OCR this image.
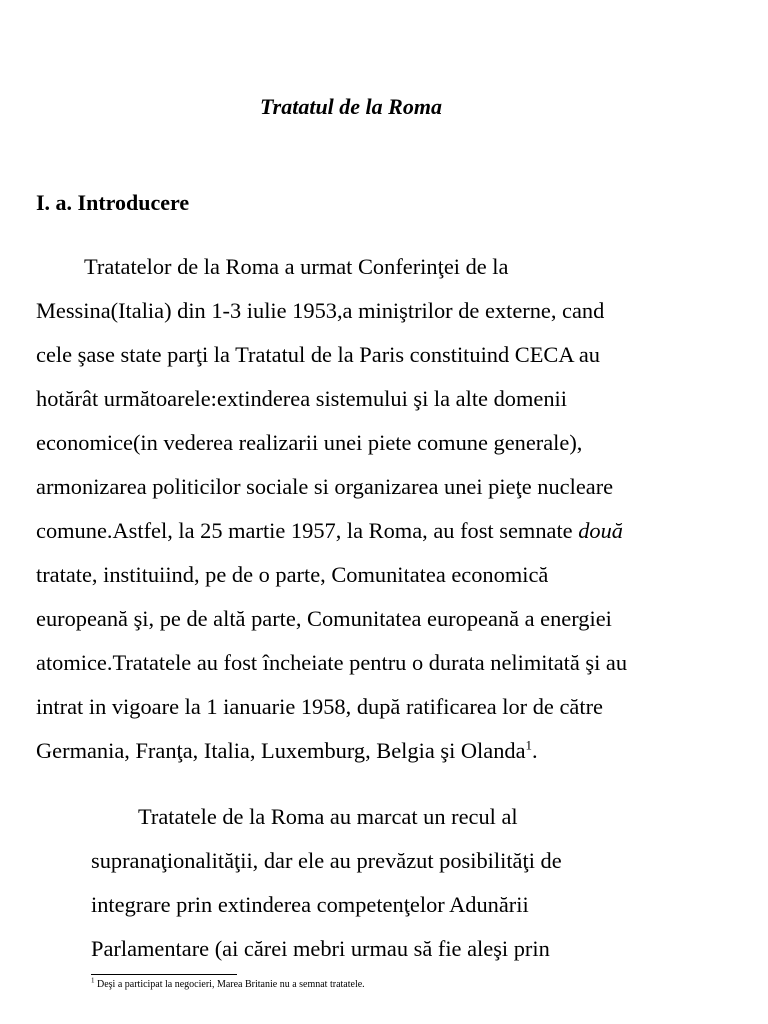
Tratatul de la Roma
I. a. Introducere
Tratatelor de la Roma a urmat Conferinţei de la
Messina(Italia) din 1-3 iulie 1953,a miniştrilor de externe, cand
cele şase state parţi la Tratatul de la Paris constituind CECA au
hotărât următoarele:extinderea sistemului şi la alte domenii
economice(in vederea realizarii unei piete comune generale),
armonizarea politicilor sociale si organizarea unei pieţe nucleare
comune.Astfel, la 25 martie 1957, la Roma, au fost semnate două
tratate, instituiind, pe de o parte, Comunitatea economică
europeană şi, pe de altă parte, Comunitatea europeană a energiei
atomice.Tratatele au fost încheiate pentru o durata nelimitată şi au
intrat in vigoare la 1 ianuarie 1958, după ratificarea lor de către
Germania, Franţa, Italia, Luxemburg, Belgia şi Olanda$^1$.
Tratatele de la Roma au marcat un recul al
supranaţionalităţii, dar ele au prevăzut posibilităţi de
integrare prin extinderea competenţelor Adunării
Parlamentare (ai cărei mebri urmau să fie aleşi prin
$^1$ Deşi a participat la negocieri, Marea Britanie nu a semnat tratatele.
